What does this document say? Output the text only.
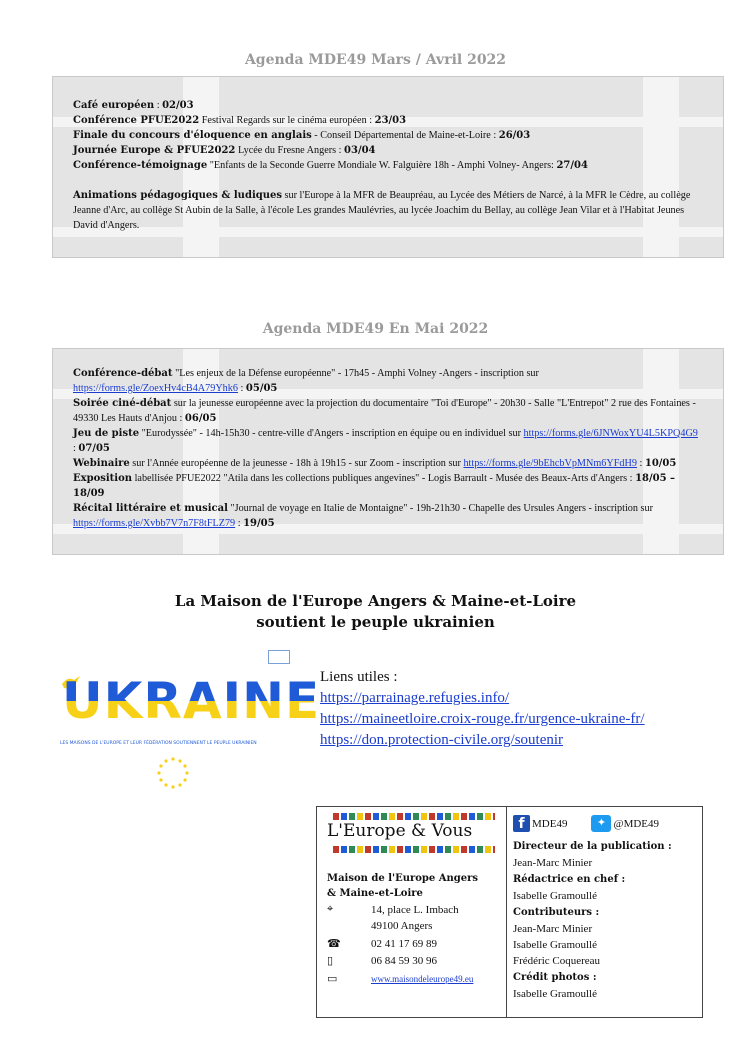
Agenda MDE49 Mars / Avril 2022

Café européen : 02/03

Conférence PFUE2022 Festival Regards sur le cinéma européen : 23/03

Finale du concours d'éloquence en anglais - Conseil Départemental de Maine-et-Loire : 26/03

Journée Europe & PFUE2022 Lycée du Fresne Angers : 03/04

Conférence-témoignage "Enfants de la Seconde Guerre Mondiale W. Falguière 18h - Amphi Volney- Angers: 27/04

Animations pédagogiques & ludiques sur l'Europe à la MFR de Beaupréau, au Lycée des Métiers de Narcé, à la MFR le Cèdre, au collège Jeanne d'Arc, au collège St Aubin de la Salle, à l'école Les grandes Maulévries, au lycée Joachim du Bellay, au collège Jean Vilar et à l'Habitat Jeunes David d'Angers.

Agenda MDE49 En Mai 2022

Conférence-débat "Les enjeux de la Défense européenne" - 17h45 - Amphi Volney -Angers - inscription sur https://forms.gle/ZoexHv4cB4A79Yhk6 : 05/05

Soirée ciné-débat sur la jeunesse européenne avec la projection du documentaire "Toi d'Europe" - 20h30 - Salle "L'Entrepot" 2 rue des Fontaines - 49330 Les Hauts d'Anjou : 06/05

Jeu de piste "Eurodyssée" - 14h-15h30 - centre-ville d'Angers - inscription en équipe ou en individuel sur https://forms.gle/6JNWoxYU4L5KPQ4G9 : 07/05

Webinaire sur l'Année européenne de la jeunesse - 18h à 19h15 - sur Zoom - inscription sur https://forms.gle/9bEhcbVpMNm6YFdH9 : 10/05

Exposition labellisée PFUE2022 "Atila dans les collections publiques angevines" - Logis Barrault - Musée des Beaux-Arts d'Angers : 18/05 – 18/09

Récital littéraire et musical "Journal de voyage en Italie de Montaigne" - 19h-21h30 - Chapelle des Ursules Angers - inscription sur https://forms.gle/Xvbb7V7n7F8tFLZ79 : 19/05

La Maison de l'Europe Angers & Maine-et-Loire
soutient le peuple ukrainien
UKRAINE
LES MAISONS DE L'EUROPE ET LEUR FÉDÉRATION SOUTIENNENT LE PEUPLE UKRAINIEN
Liens utiles :
https://parrainage.refugies.info/
https://maineetloire.croix-rouge.fr/urgence-ukraine-fr/
https://don.protection-civile.org/soutenir
L'Europe & Vous
Maison de l'Europe Angers
& Maine-et-Loire
⌖	14, place L. Imbach
49100 Angers
☎	02 41 17 69 89
▯	06 84 59 30 96
▭	www.maisondeleurope49.eu
f MDE49	✦ @MDE49
Directeur de la publication :
Jean-Marc Minier
Rédactrice en chef :
Isabelle Gramoullé
Contributeurs :
Jean-Marc Minier
Isabelle Gramoullé
Frédéric Coquereau
Crédit photos :
Isabelle Gramoullé
